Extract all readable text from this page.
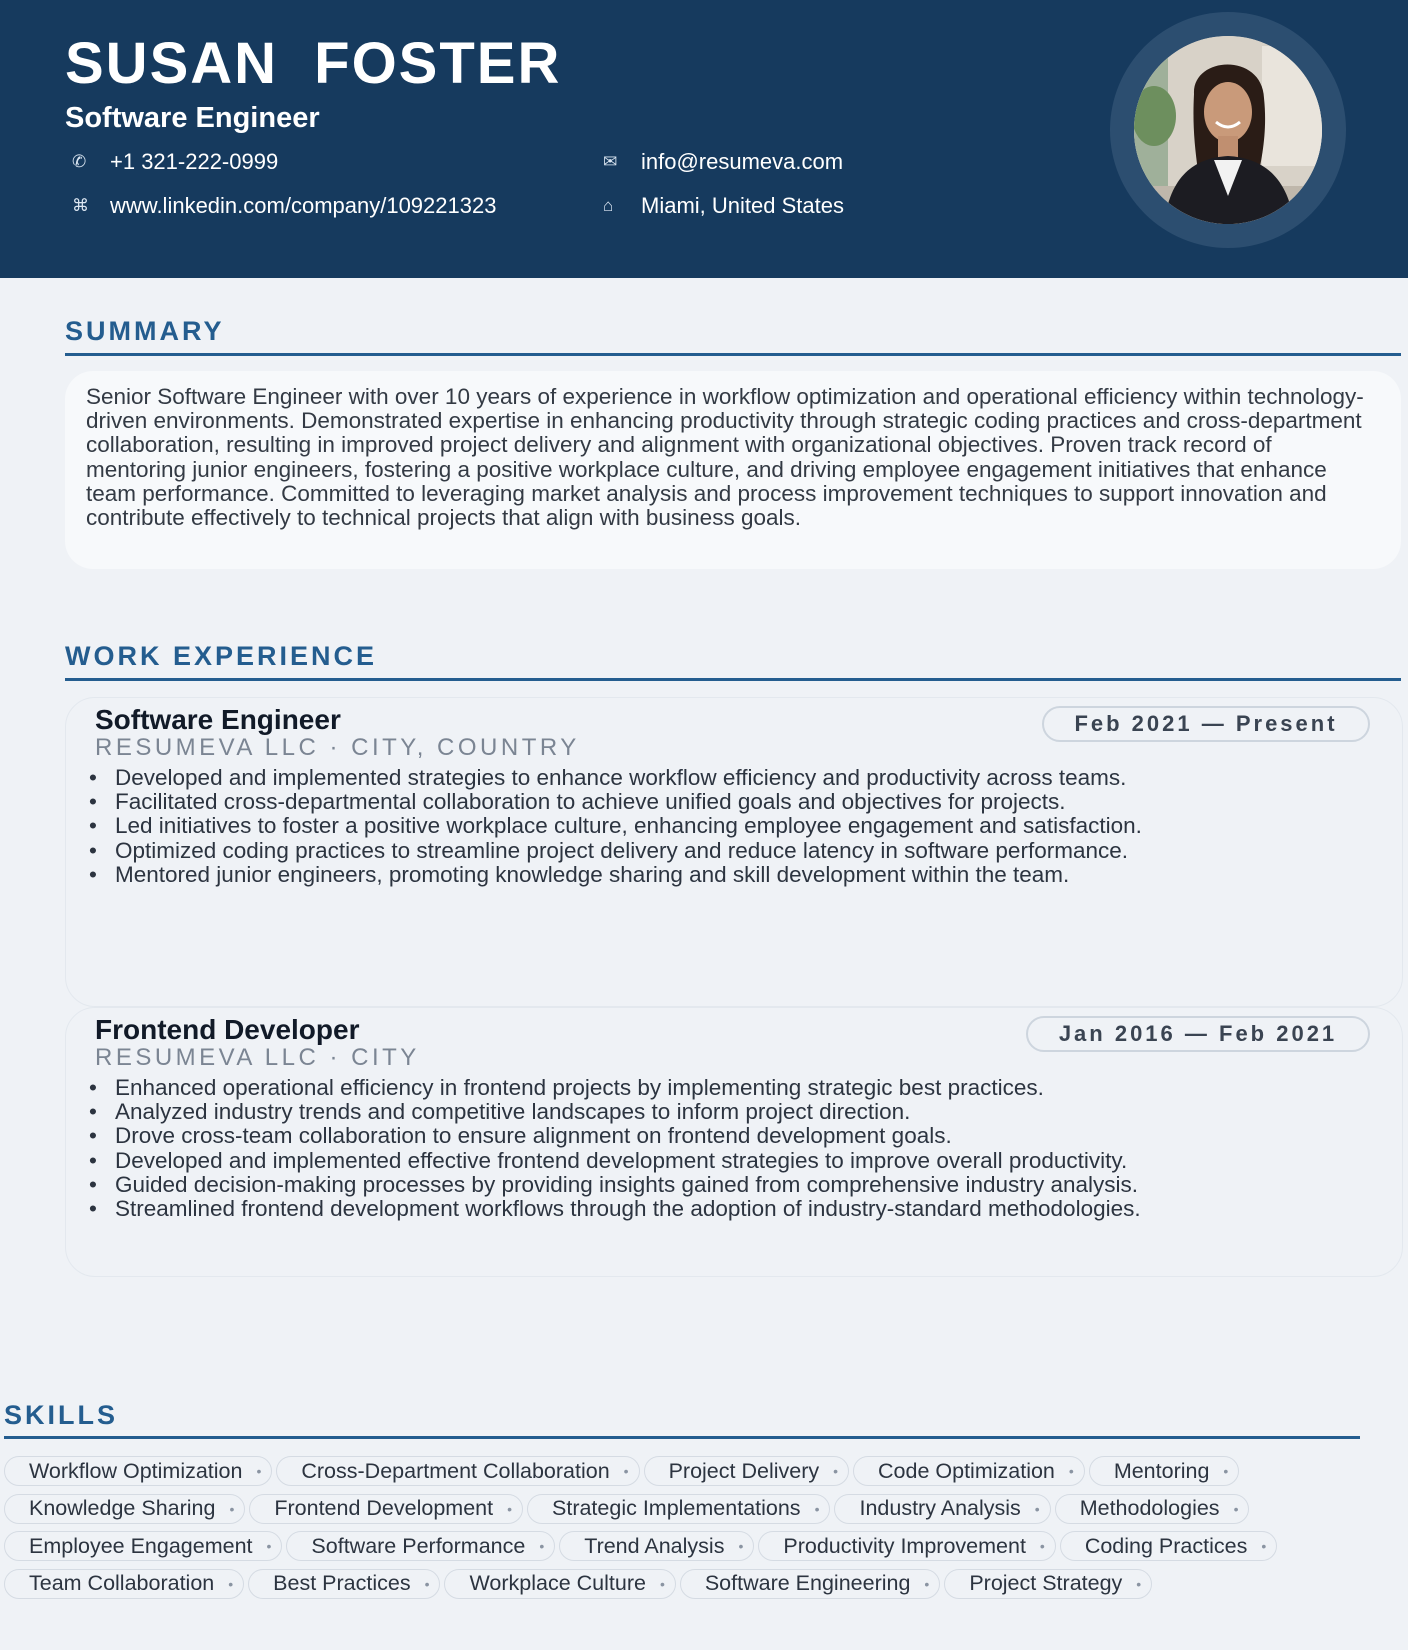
SUSAN FOSTER
Software Engineer
✆	+1 321-222-0999	✉	info@resumeva.com
⌘ www.linkedin.com/company/109221323	⌂	Miami, United States
SUMMARY

Senior Software Engineer with over 10 years of experience in workflow optimization and operational efficiency within technology-driven environments. Demonstrated expertise in enhancing productivity through strategic coding practices and cross-department collaboration, resulting in improved project delivery and alignment with organizational objectives. Proven track record of mentoring junior engineers, fostering a positive workplace culture, and driving employee engagement initiatives that enhance team performance. Committed to leveraging market analysis and process improvement techniques to support innovation and contribute effectively to technical projects that align with business goals.

WORK EXPERIENCE
Software Engineer

RESUMEVA LLC · CITY, COUNTRY

Feb 2021 — Present
• Developed and implemented strategies to enhance workflow efficiency and productivity across teams.
• Facilitated cross-departmental collaboration to achieve unified goals and objectives for projects.
• Led initiatives to foster a positive workplace culture, enhancing employee engagement and satisfaction.
• Optimized coding practices to streamline project delivery and reduce latency in software performance.
• Mentored junior engineers, promoting knowledge sharing and skill development within the team.
Frontend Developer

RESUMEVA LLC · CITY

Jan 2016 — Feb 2021
• Enhanced operational efficiency in frontend projects by implementing strategic best practices.
• Analyzed industry trends and competitive landscapes to inform project direction.
• Drove cross-team collaboration to ensure alignment on frontend development goals.
• Developed and implemented effective frontend development strategies to improve overall productivity.
• Guided decision-making processes by providing insights gained from comprehensive industry analysis.
• Streamlined frontend development workflows through the adoption of industry-standard methodologies.
SKILLS
Workflow Optimization • Cross-Department Collaboration • Project Delivery • Code Optimization • Mentoring •
Knowledge Sharing • Frontend Development • Strategic Implementations • Industry Analysis • Methodologies •
Employee Engagement • Software Performance • Trend Analysis • Productivity Improvement • Coding Practices •
Team Collaboration • Best Practices • Workplace Culture • Software Engineering • Project Strategy •
